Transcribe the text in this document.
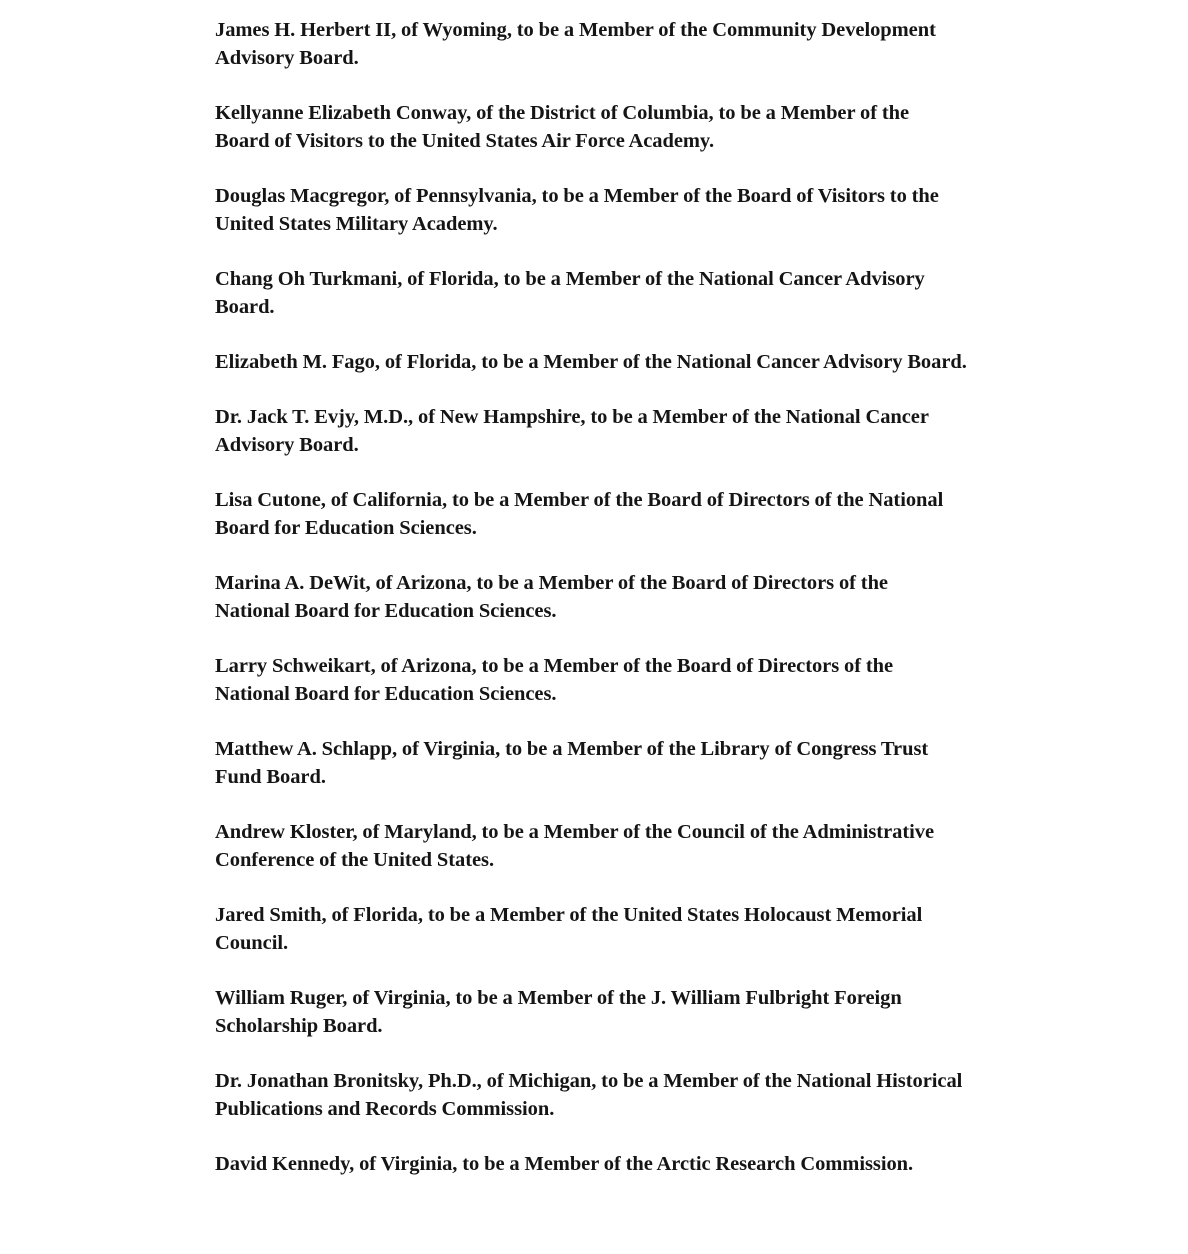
James H. Herbert II, of Wyoming, to be a Member of the Community Development Advisory Board.

Kellyanne Elizabeth Conway, of the District of Columbia, to be a Member of the Board of Visitors to the United States Air Force Academy.

Douglas Macgregor, of Pennsylvania, to be a Member of the Board of Visitors to the United States Military Academy.

Chang Oh Turkmani, of Florida, to be a Member of the National Cancer Advisory Board.

Elizabeth M. Fago, of Florida, to be a Member of the National Cancer Advisory Board.

Dr. Jack T. Evjy, M.D., of New Hampshire, to be a Member of the National Cancer Advisory Board.

Lisa Cutone, of California, to be a Member of the Board of Directors of the National Board for Education Sciences.

Marina A. DeWit, of Arizona, to be a Member of the Board of Directors of the National Board for Education Sciences.

Larry Schweikart, of Arizona, to be a Member of the Board of Directors of the National Board for Education Sciences.

Matthew A. Schlapp, of Virginia, to be a Member of the Library of Congress Trust Fund Board.

Andrew Kloster, of Maryland, to be a Member of the Council of the Administrative Conference of the United States.

Jared Smith, of Florida, to be a Member of the United States Holocaust Memorial Council.

William Ruger, of Virginia, to be a Member of the J. William Fulbright Foreign Scholarship Board.

Dr. Jonathan Bronitsky, Ph.D., of Michigan, to be a Member of the National Historical Publications and Records Commission.

David Kennedy, of Virginia, to be a Member of the Arctic Research Commission.
